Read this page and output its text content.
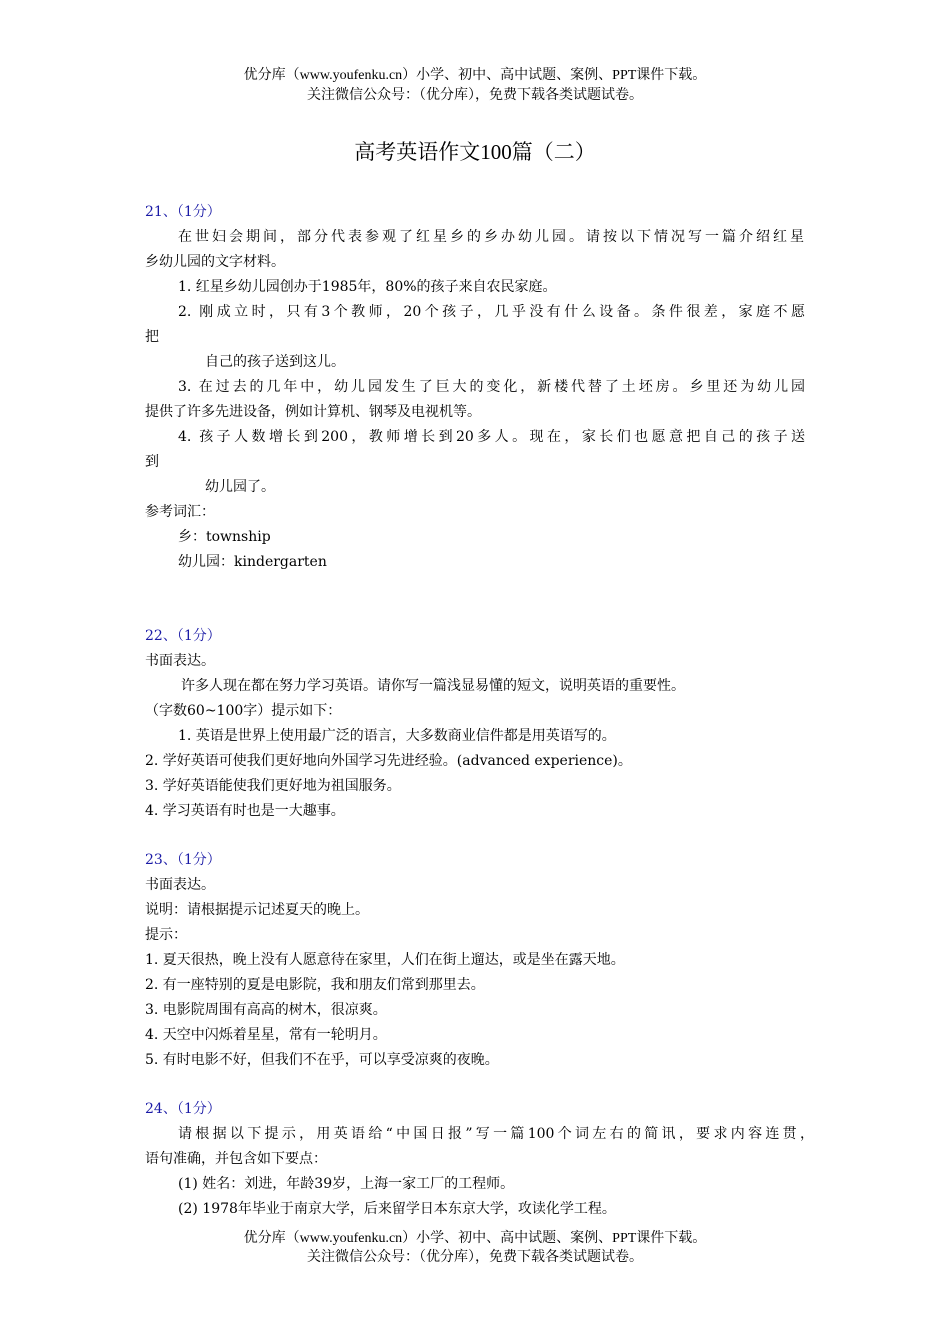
优分库（www.youfenku.cn）小学、初中、高中试题、案例、PPT课件下载。
关注微信公众号：（优分库），免费下载各类试题试卷。
高考英语作文100篇（二）
21、（1分）
在世妇会期间，部分代表参观了红星乡的乡办幼儿园。请按以下情况写一篇介绍红星
乡幼儿园的文字材料。
1. 红星乡幼儿园创办于1985年，80%的孩子来自农民家庭。
2. 刚成立时，只有3个教师，20个孩子，几乎没有什么设备。条件很差，家庭不愿
把
自己的孩子送到这儿。
3. 在过去的几年中，幼儿园发生了巨大的变化，新楼代替了土坯房。乡里还为幼儿园
提供了许多先进设备，例如计算机、钢琴及电视机等。
4. 孩子人数增长到200，教师增长到20多人。现在，家长们也愿意把自己的孩子送
到
幼儿园了。
参考词汇：
乡：township
幼儿园：kindergarten
22、（1分）
书面表达。
许多人现在都在努力学习英语。请你写一篇浅显易懂的短文，说明英语的重要性。
（字数60~100字）提示如下：
1. 英语是世界上使用最广泛的语言，大多数商业信件都是用英语写的。
2. 学好英语可使我们更好地向外国学习先进经验。(advanced experience)。
3. 学好英语能使我们更好地为祖国服务。
4. 学习英语有时也是一大趣事。
23、（1分）
书面表达。
说明：请根据提示记述夏天的晚上。
提示：
1. 夏天很热，晚上没有人愿意待在家里，人们在街上遛达，或是坐在露天地。
2. 有一座特别的夏是电影院，我和朋友们常到那里去。
3. 电影院周围有高高的树木，很凉爽。
4. 天空中闪烁着星星，常有一轮明月。
5. 有时电影不好，但我们不在乎，可以享受凉爽的夜晚。
24、（1分）
请根据以下提示，用英语给“中国日报”写一篇100个词左右的简讯，要求内容连贯，
语句准确，并包含如下要点：
(1) 姓名：刘进，年龄39岁，上海一家工厂的工程师。
(2) 1978年毕业于南京大学，后来留学日本东京大学，攻读化学工程。
优分库（www.youfenku.cn）小学、初中、高中试题、案例、PPT课件下载。
关注微信公众号：（优分库），免费下载各类试题试卷。
